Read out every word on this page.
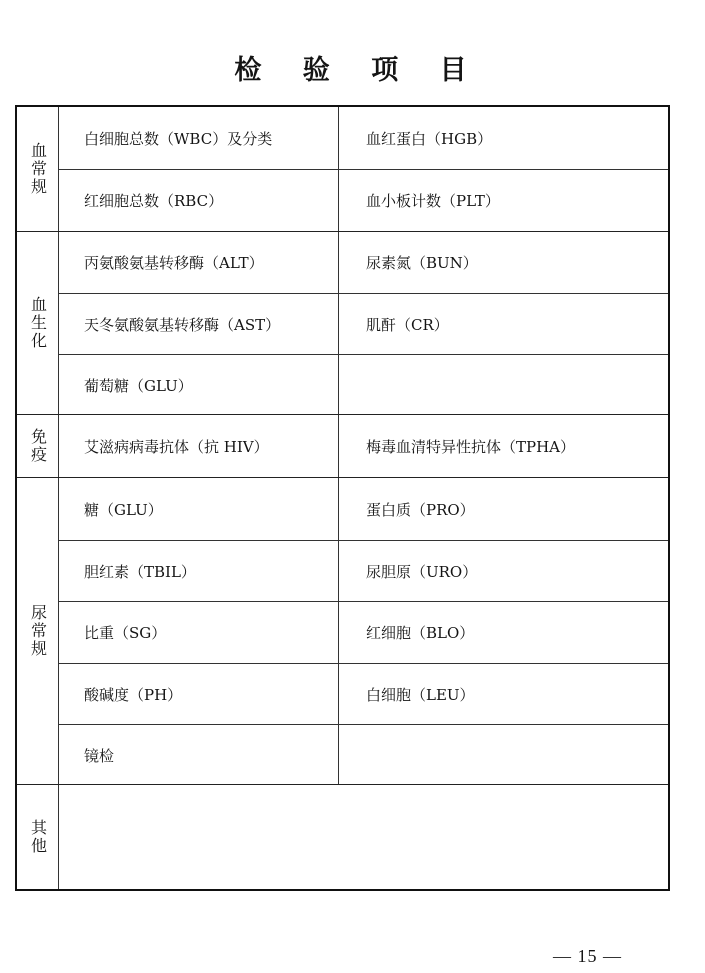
检 验 项 目
血常规
白细胞总数（WBC）及分类	血红蛋白（HGB）
红细胞总数（RBC）	血小板计数（PLT）
血生化
丙氨酸氨基转移酶（ALT）	尿素氮（BUN）
天冬氨酸氨基转移酶（AST）	肌酐（CR）
葡萄糖（GLU）
免疫	艾滋病病毒抗体（抗 HIV）	梅毒血清特异性抗体（TPHA）
尿常规
糖（GLU）	蛋白质（PRO）
胆红素（TBIL）	尿胆原（URO）
比重（SG）	红细胞（BLO）
酸碱度（PH）	白细胞（LEU）
镜检
其他
— 15 —
